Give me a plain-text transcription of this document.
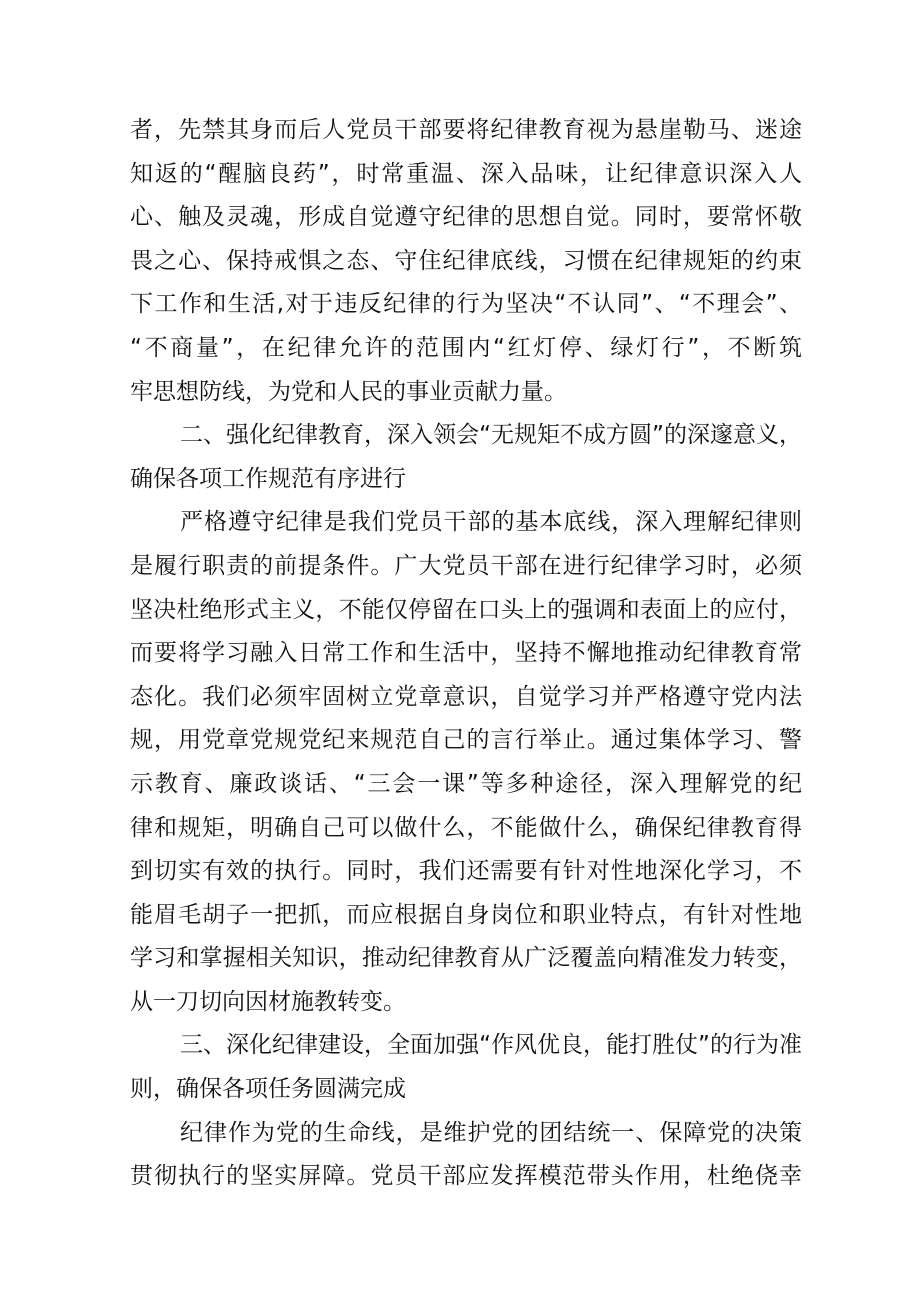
者，先禁其身而后人党员干部要将纪律教育视为悬崖勒马、迷途
知返的“醒脑良药”，时常重温、深入品味，让纪律意识深入人
心、触及灵魂，形成自觉遵守纪律的思想自觉。同时，要常怀敬
畏之心、保持戒惧之态、守住纪律底线，习惯在纪律规矩的约束
下工作和生活,对于违反纪律的行为坚决“不认同”、“不理会”、
“不商量”，在纪律允许的范围内“红灯停、绿灯行”，不断筑
牢思想防线，为党和人民的事业贡献力量。
二、强化纪律教育，深入领会“无规矩不成方圆”的深邃意义，
确保各项工作规范有序进行
严格遵守纪律是我们党员干部的基本底线，深入理解纪律则
是履行职责的前提条件。广大党员干部在进行纪律学习时，必须
坚决杜绝形式主义，不能仅停留在口头上的强调和表面上的应付，
而要将学习融入日常工作和生活中，坚持不懈地推动纪律教育常
态化。我们必须牢固树立党章意识，自觉学习并严格遵守党内法
规，用党章党规党纪来规范自己的言行举止。通过集体学习、警
示教育、廉政谈话、“三会一课”等多种途径，深入理解党的纪
律和规矩，明确自己可以做什么，不能做什么，确保纪律教育得
到切实有效的执行。同时，我们还需要有针对性地深化学习，不
能眉毛胡子一把抓，而应根据自身岗位和职业特点，有针对性地
学习和掌握相关知识，推动纪律教育从广泛覆盖向精准发力转变，
从一刀切向因材施教转变。
三、深化纪律建设，全面加强“作风优良，能打胜仗”的行为准
则，确保各项任务圆满完成
纪律作为党的生命线，是维护党的团结统一、保障党的决策
贯彻执行的坚实屏障。党员干部应发挥模范带头作用，杜绝侥幸
